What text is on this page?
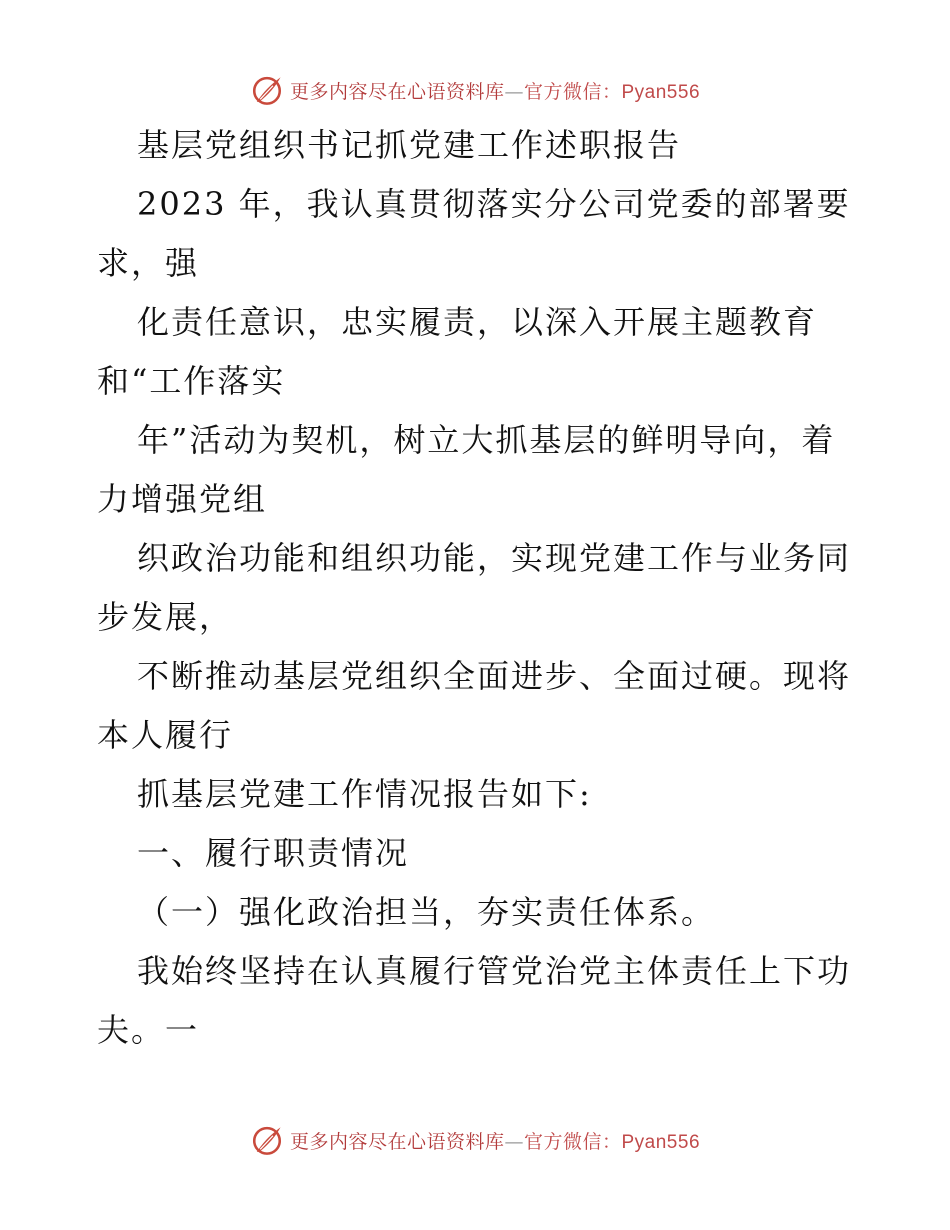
更多内容尽在心语资料库—官方微信：Pyan556
基层党组织书记抓党建工作述职报告
2023 年，我认真贯彻落实分公司党委的部署要
求，强
化责任意识，忠实履责，以深入开展主题教育
和“工作落实
年”活动为契机，树立大抓基层的鲜明导向，着
力增强党组
织政治功能和组织功能，实现党建工作与业务同
步发展，
不断推动基层党组织全面进步、全面过硬。现将
本人履行
抓基层党建工作情况报告如下:
一、履行职责情况
（一）强化政治担当，夯实责任体系。
我始终坚持在认真履行管党治党主体责任上下功
夫。一
更多内容尽在心语资料库—官方微信：Pyan556
